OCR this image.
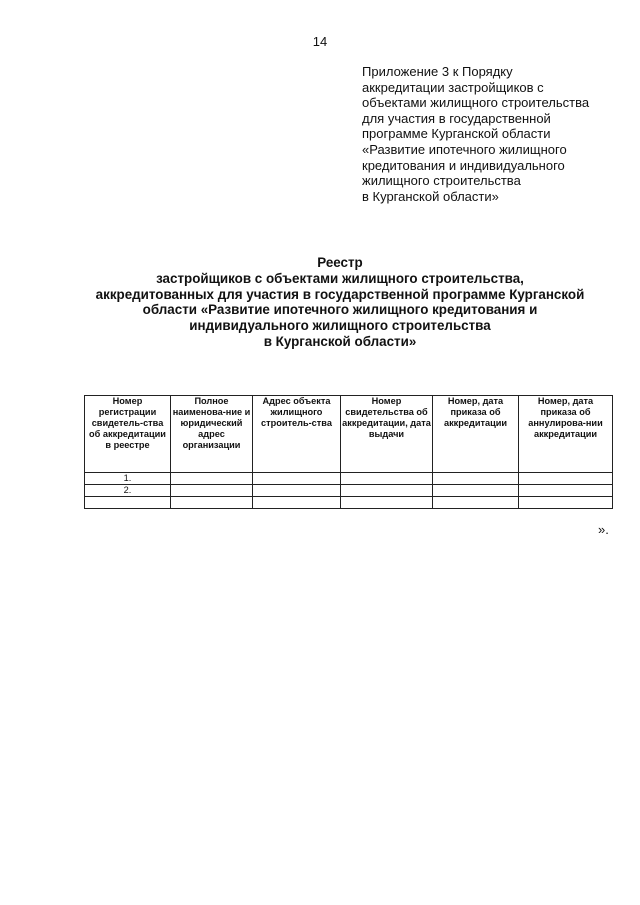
14
Приложение 3 к Порядку
аккредитации застройщиков с
объектами жилищного строительства
для участия в государственной
программе Курганской области
«Развитие ипотечного жилищного
кредитования и индивидуального
жилищного строительства
в Курганской области»
Реестр
застройщиков с объектами жилищного строительства,
аккредитованных для участия в государственной программе Курганской
области «Развитие ипотечного жилищного кредитования и
индивидуального жилищного строительства
в Курганской области»
Номер регистрации свидетель-ства об аккредитации в реестре	Полное наименова-ние и юридический адрес организации	Адрес объекта жилищного строитель-ства	Номер свидетельства об аккредитации, дата выдачи	Номер, дата приказа об аккредитации	Номер, дата приказа об аннулирова-нии аккредитации
1.					
2.					

».
